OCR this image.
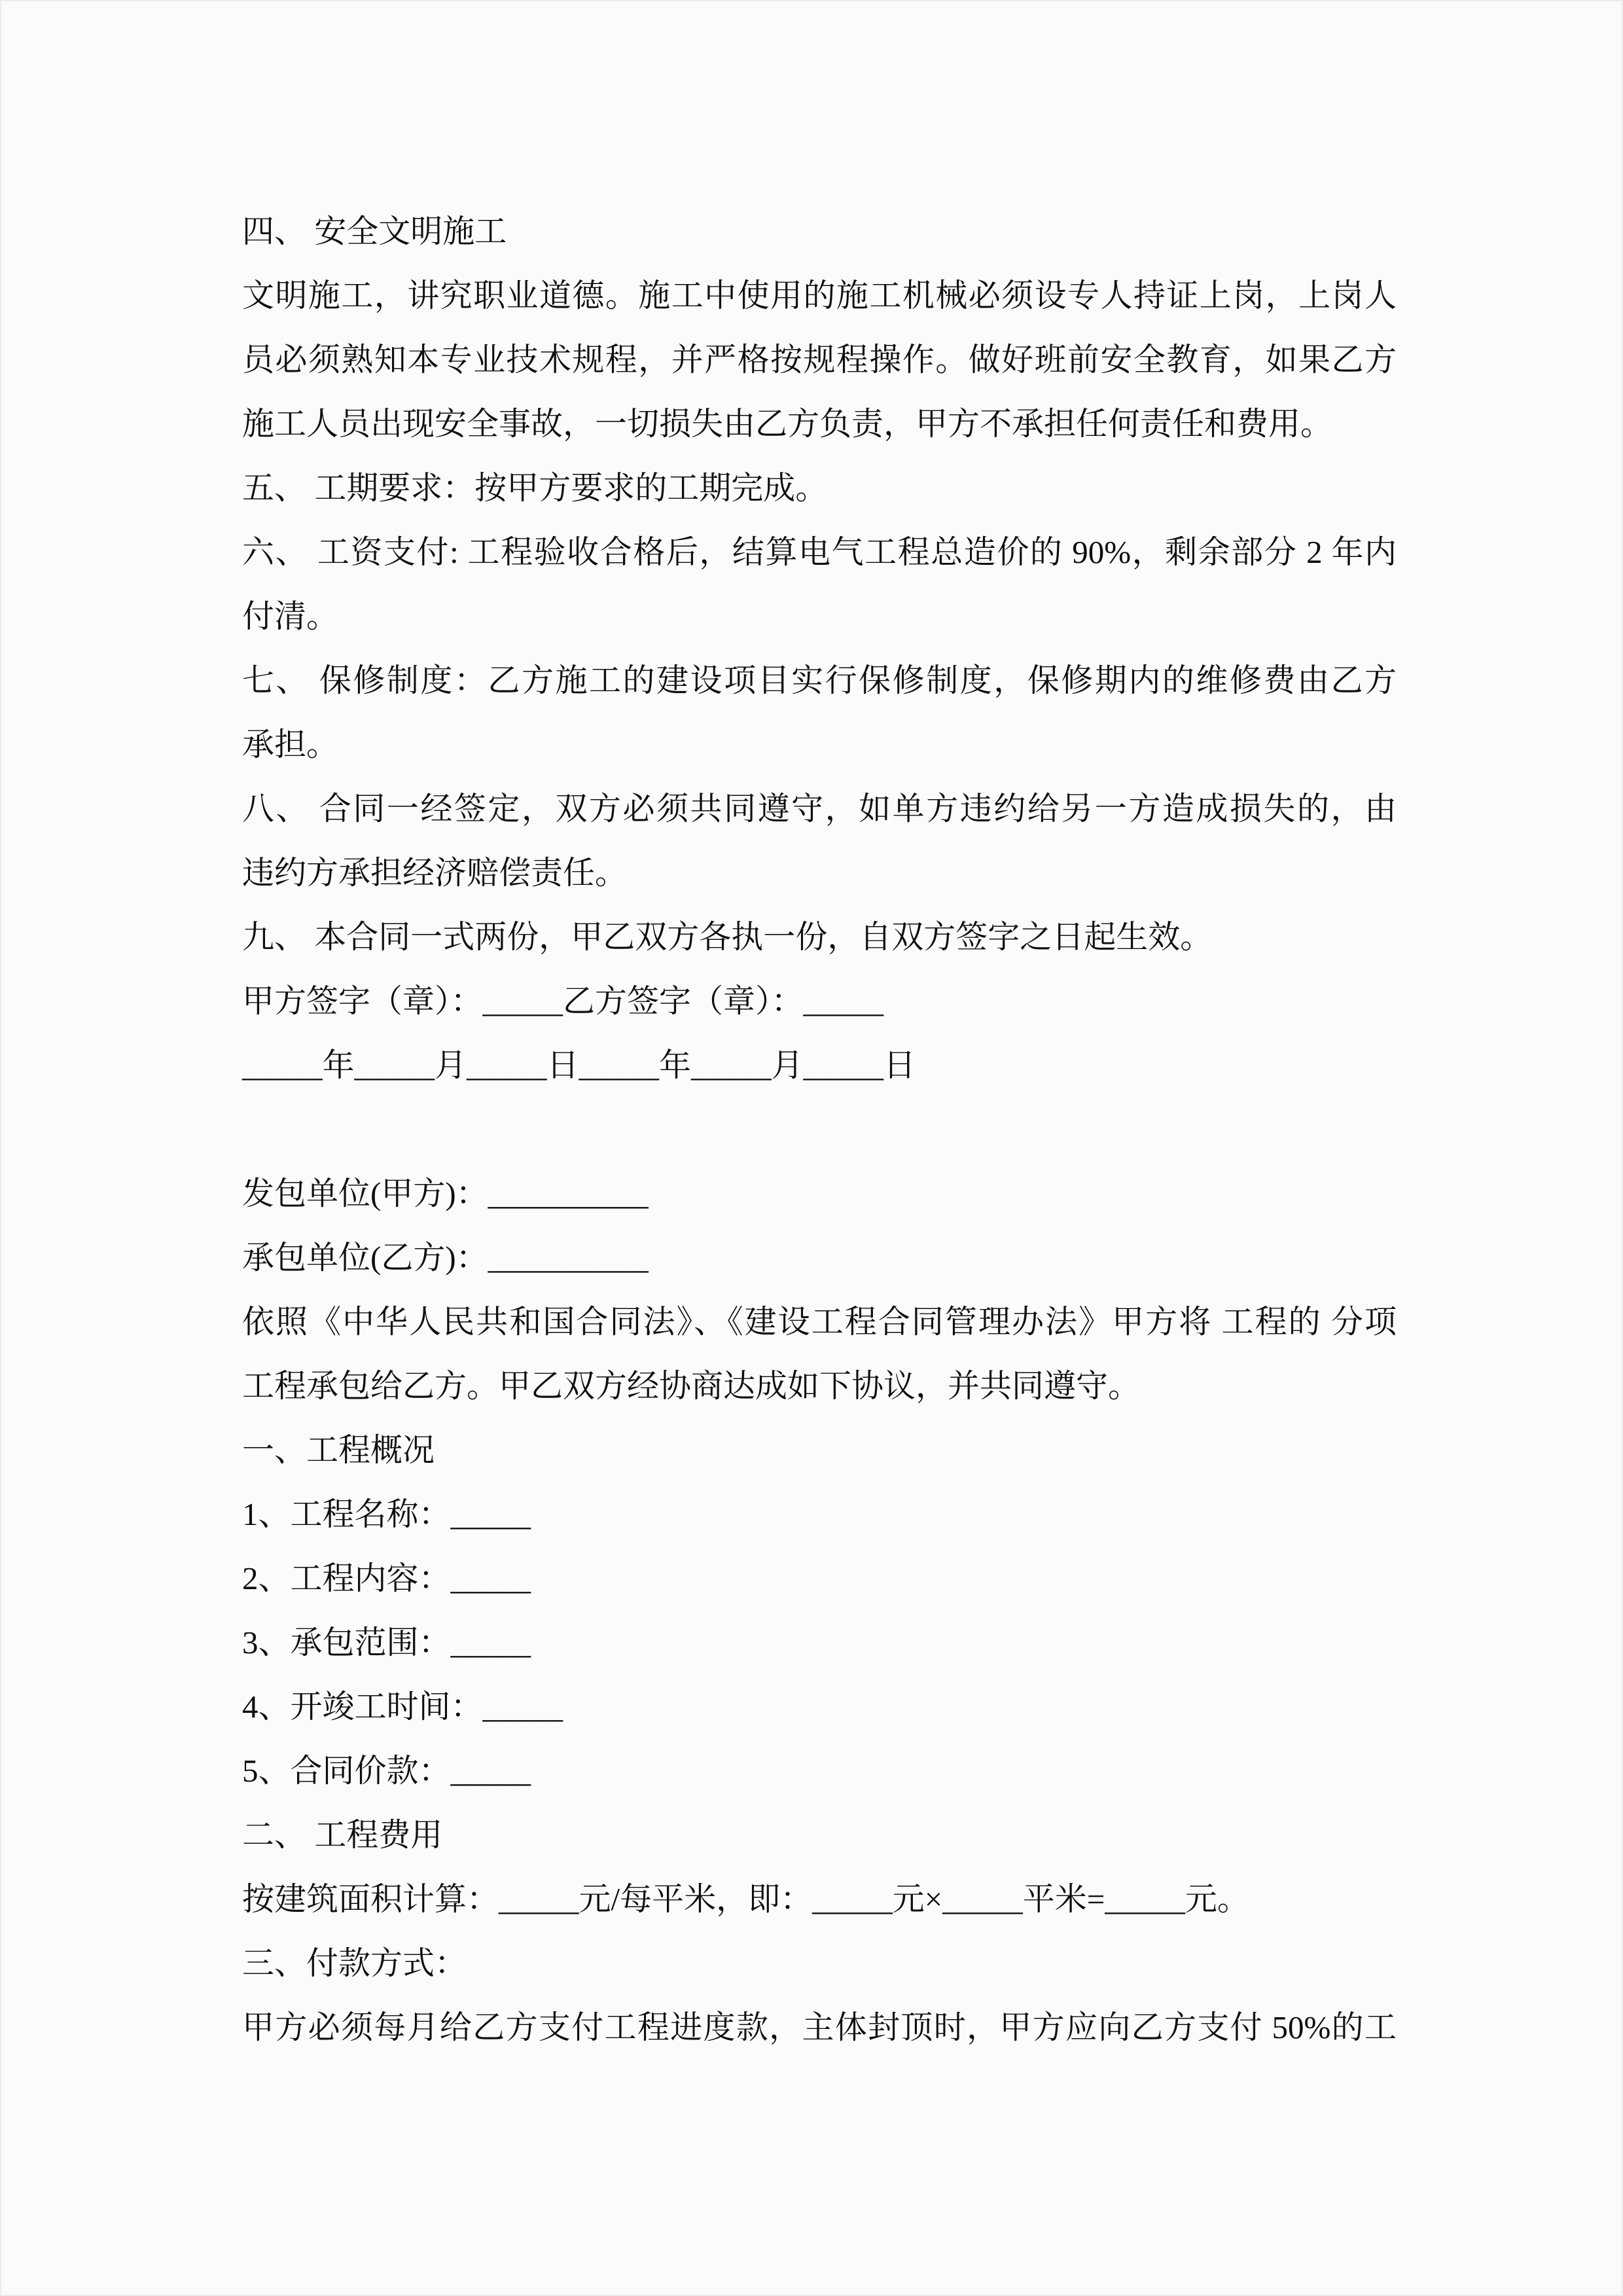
四、 安全文明施工
文明施工，讲究职业道德。施工中使用的施工机械必须设专人持证上岗，上岗人
员必须熟知本专业技术规程，并严格按规程操作。做好班前安全教育，如果乙方
施工人员出现安全事故，一切损失由乙方负责，甲方不承担任何责任和费用。
五、 工期要求：按甲方要求的工期完成。
六、 工资支付: 工程验收合格后，结算电气工程总造价的 90%，剩余部分 2 年内
付清。
七、 保修制度：乙方施工的建设项目实行保修制度，保修期内的维修费由乙方
承担。
八、 合同一经签定，双方必须共同遵守，如单方违约给另一方造成损失的，由
违约方承担经济赔偿责任。
九、 本合同一式两份，甲乙双方各执一份，自双方签字之日起生效。
甲方签字（章）：_____乙方签字（章）：_____
_____年_____月_____日_____年_____月_____日
发包单位(甲方)：__________
承包单位(乙方)：__________
依照《中华人民共和国合同法》、《建设工程合同管理办法》甲方将 工程的 分项
工程承包给乙方。甲乙双方经协商达成如下协议，并共同遵守。
一、工程概况
1、工程名称：_____
2、工程内容：_____
3、承包范围：_____
4、开竣工时间：_____
5、合同价款：_____
二、 工程费用
按建筑面积计算：_____元/每平米，即：_____元×_____平米=_____元。
三、付款方式：
甲方必须每月给乙方支付工程进度款，主体封顶时，甲方应向乙方支付 50%的工
